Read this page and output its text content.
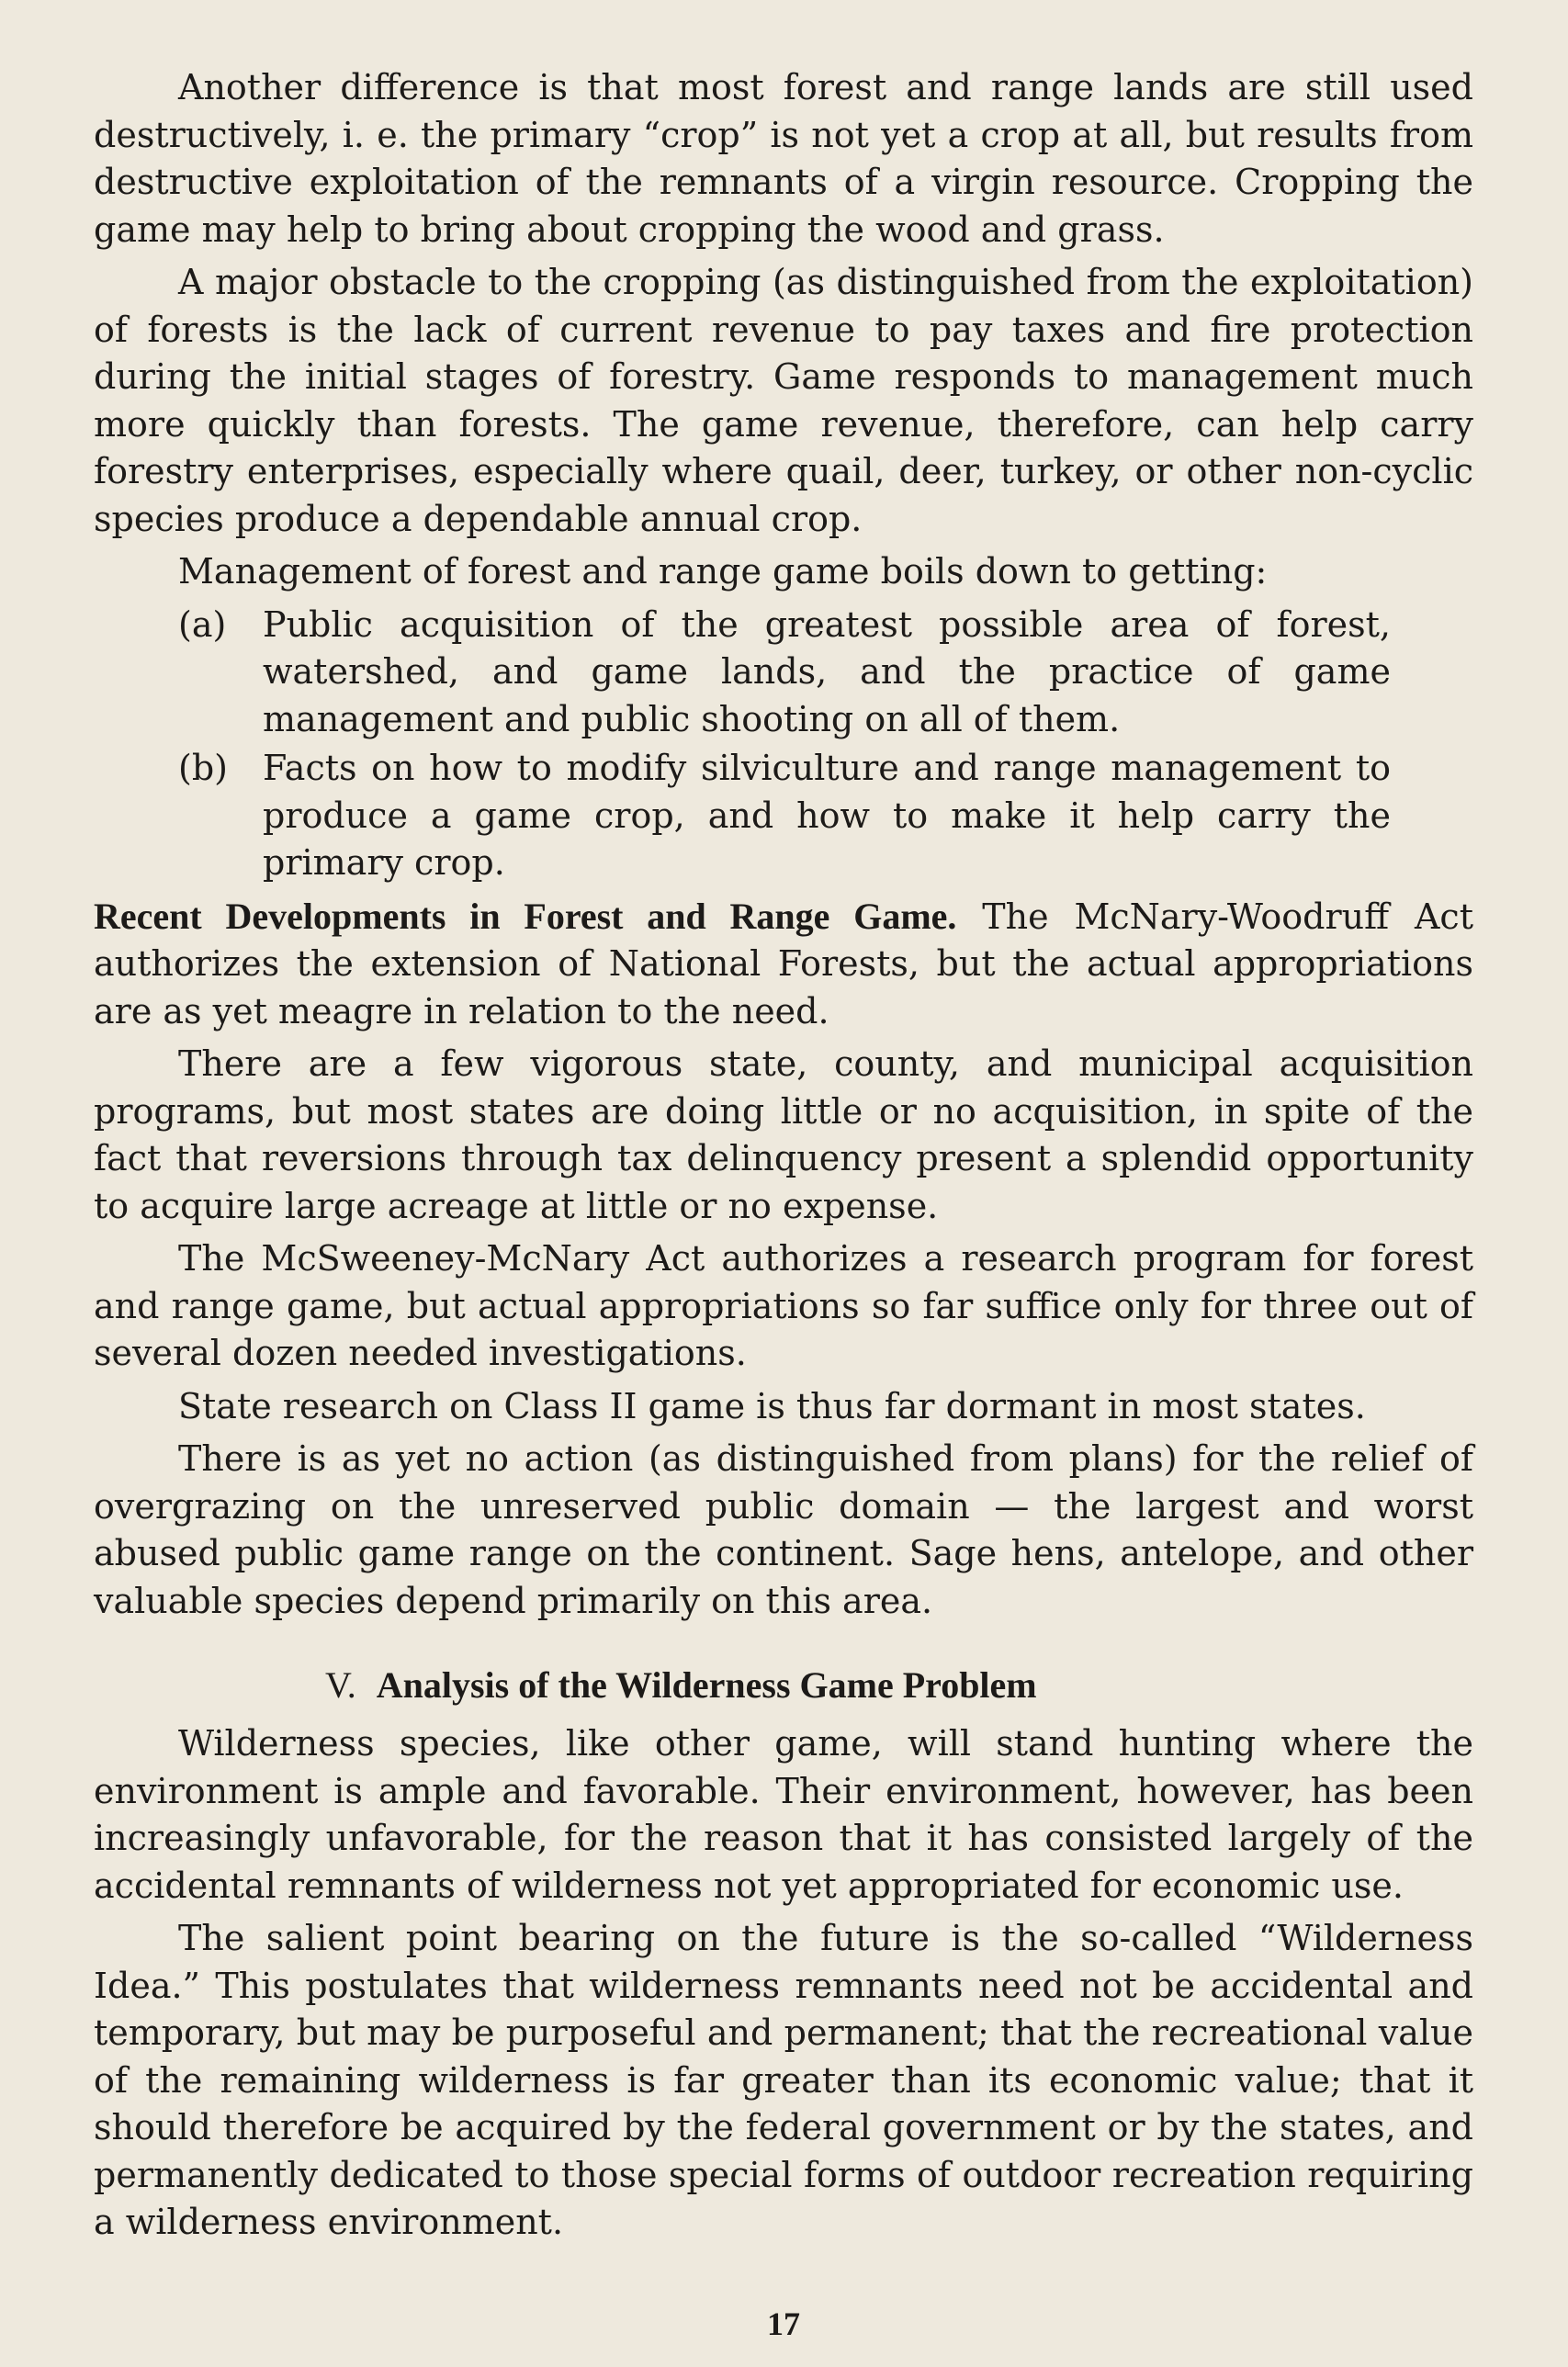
Another difference is that most forest and range lands are still used destructively, i. e. the primary “crop” is not yet a crop at all, but results from destructive exploitation of the remnants of a virgin resource. Cropping the game may help to bring about cropping the wood and grass.

A major obstacle to the cropping (as distinguished from the exploitation) of forests is the lack of current revenue to pay taxes and fire protection during the initial stages of forestry. Game responds to management much more quickly than forests. The game revenue, therefore, can help carry forestry enterprises, especially where quail, deer, turkey, or other non-cyclic species produce a dependable annual crop.

Management of forest and range game boils down to getting:

(a)	Public acquisition of the greatest possible area of forest, watershed, and game lands, and the practice of game management and public shooting on all of them.
(b)	Facts on how to modify silviculture and range management to produce a game crop, and how to make it help carry the primary crop.

Recent Developments in Forest and Range Game. The McNary-Woodruff Act authorizes the extension of National Forests, but the actual appropriations are as yet meagre in relation to the need.

There are a few vigorous state, county, and municipal acquisition programs, but most states are doing little or no acquisition, in spite of the fact that reversions through tax delinquency present a splendid opportunity to acquire large acreage at little or no expense.

The McSweeney-McNary Act authorizes a research program for forest and range game, but actual appropriations so far suffice only for three out of several dozen needed investigations.

State research on Class II game is thus far dormant in most states.

There is as yet no action (as distinguished from plans) for the relief of overgrazing on the unreserved public domain — the largest and worst abused public game range on the continent. Sage hens, antelope, and other valuable species depend primarily on this area.

V. Analysis of the Wilderness Game Problem

Wilderness species, like other game, will stand hunting where the environment is ample and favorable. Their environment, however, has been increasingly unfavorable, for the reason that it has consisted largely of the accidental remnants of wilderness not yet appropriated for economic use.

The salient point bearing on the future is the so-called “Wilderness Idea.” This postulates that wilderness remnants need not be accidental and temporary, but may be purposeful and permanent; that the recreational value of the remaining wilderness is far greater than its economic value; that it should therefore be acquired by the federal government or by the states, and permanently dedicated to those special forms of outdoor recreation requiring a wilderness environment.

17
